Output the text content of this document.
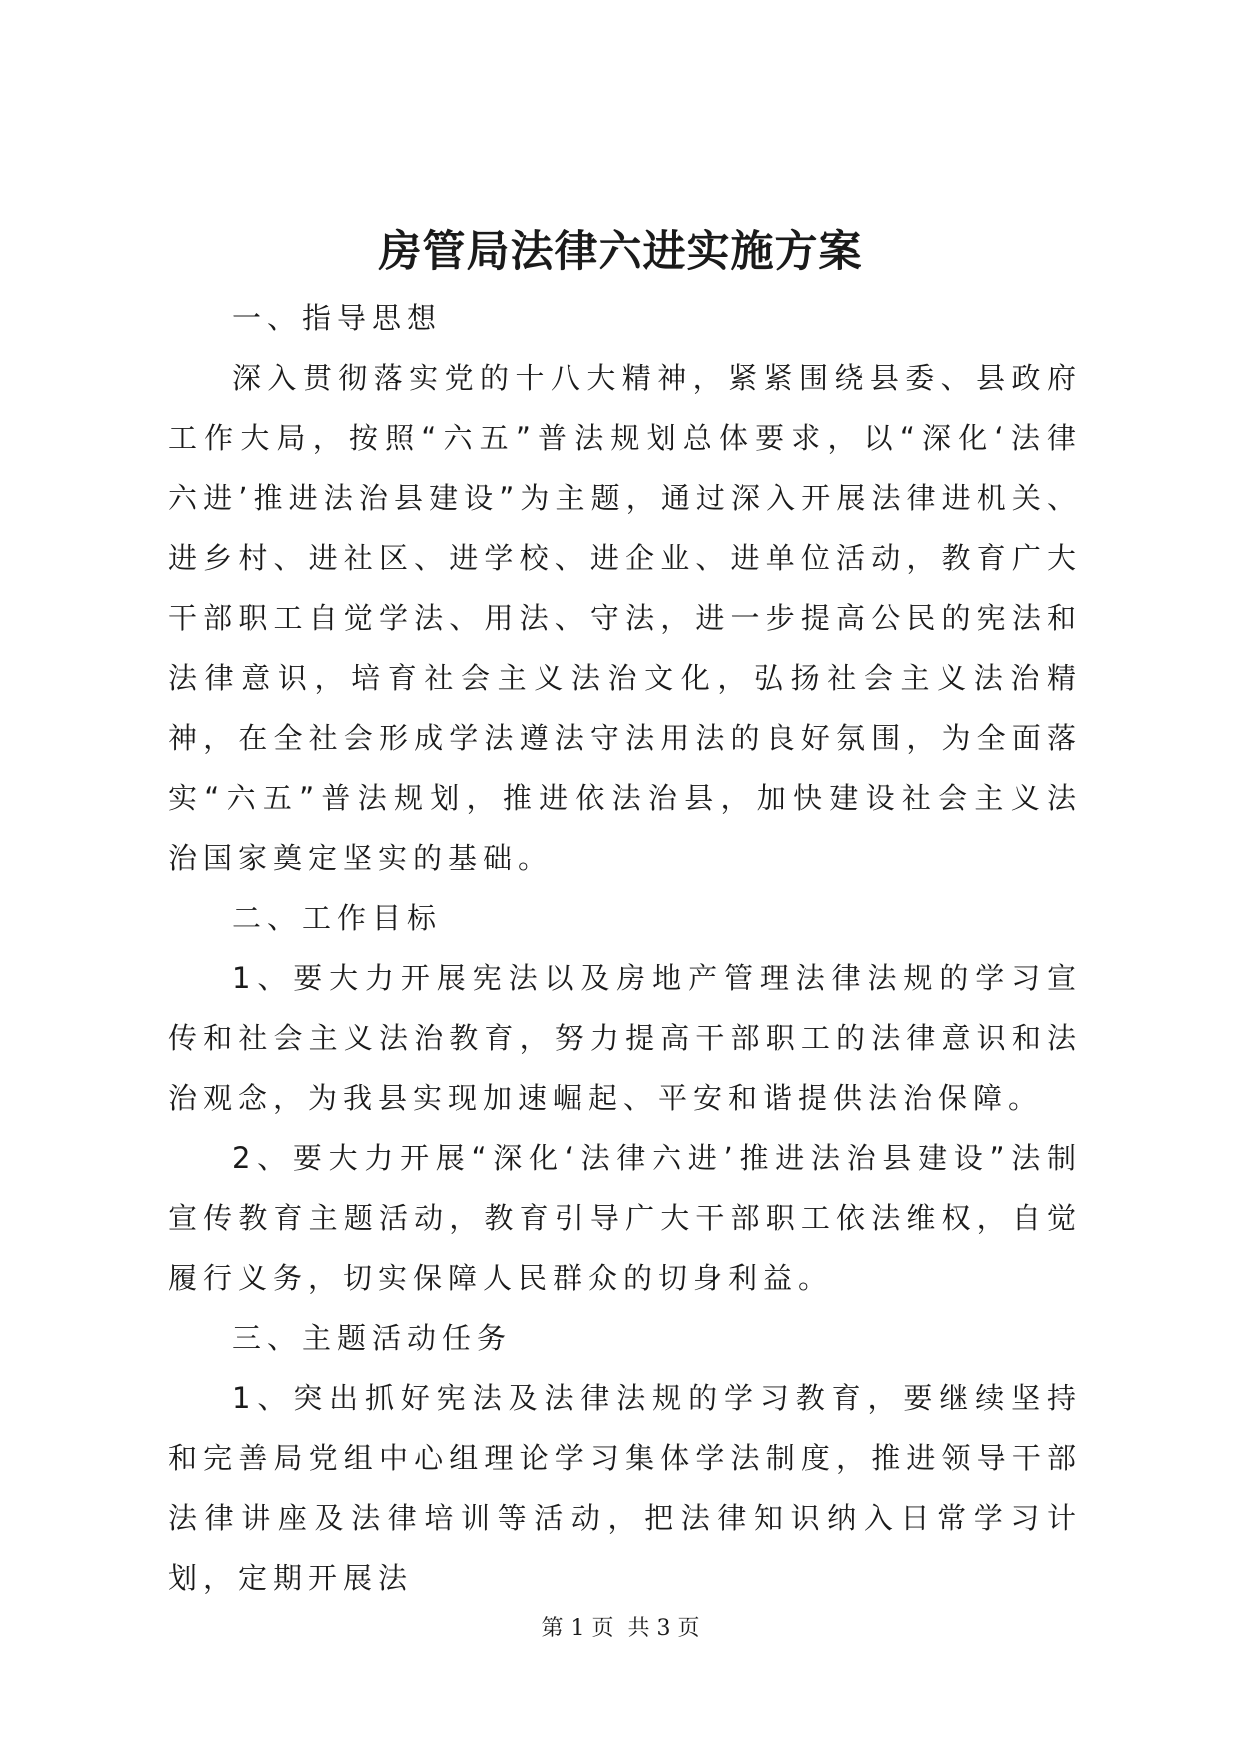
房管局法律六进实施方案

一、指导思想

深入贯彻落实党的十八大精神，紧紧围绕县委、县政府工作大局，按照“六五”普法规划总体要求，以“深化‘法律六进’推进法治县建设”为主题，通过深入开展法律进机关、进乡村、进社区、进学校、进企业、进单位活动，教育广大干部职工自觉学法、用法、守法，进一步提高公民的宪法和法律意识，培育社会主义法治文化，弘扬社会主义法治精神，在全社会形成学法遵法守法用法的良好氛围，为全面落实“六五”普法规划，推进依法治县，加快建设社会主义法治国家奠定坚实的基础。

二、工作目标

1、要大力开展宪法以及房地产管理法律法规的学习宣传和社会主义法治教育，努力提高干部职工的法律意识和法治观念，为我县实现加速崛起、平安和谐提供法治保障。

2、要大力开展“深化‘法律六进’推进法治县建设”法制宣传教育主题活动，教育引导广大干部职工依法维权，自觉履行义务，切实保障人民群众的切身利益。

三、主题活动任务

1、突出抓好宪法及法律法规的学习教育，要继续坚持和完善局党组中心组理论学习集体学法制度，推进领导干部法律讲座及法律培训等活动，把法律知识纳入日常学习计划，定期开展法

第 1 页 共 3 页
